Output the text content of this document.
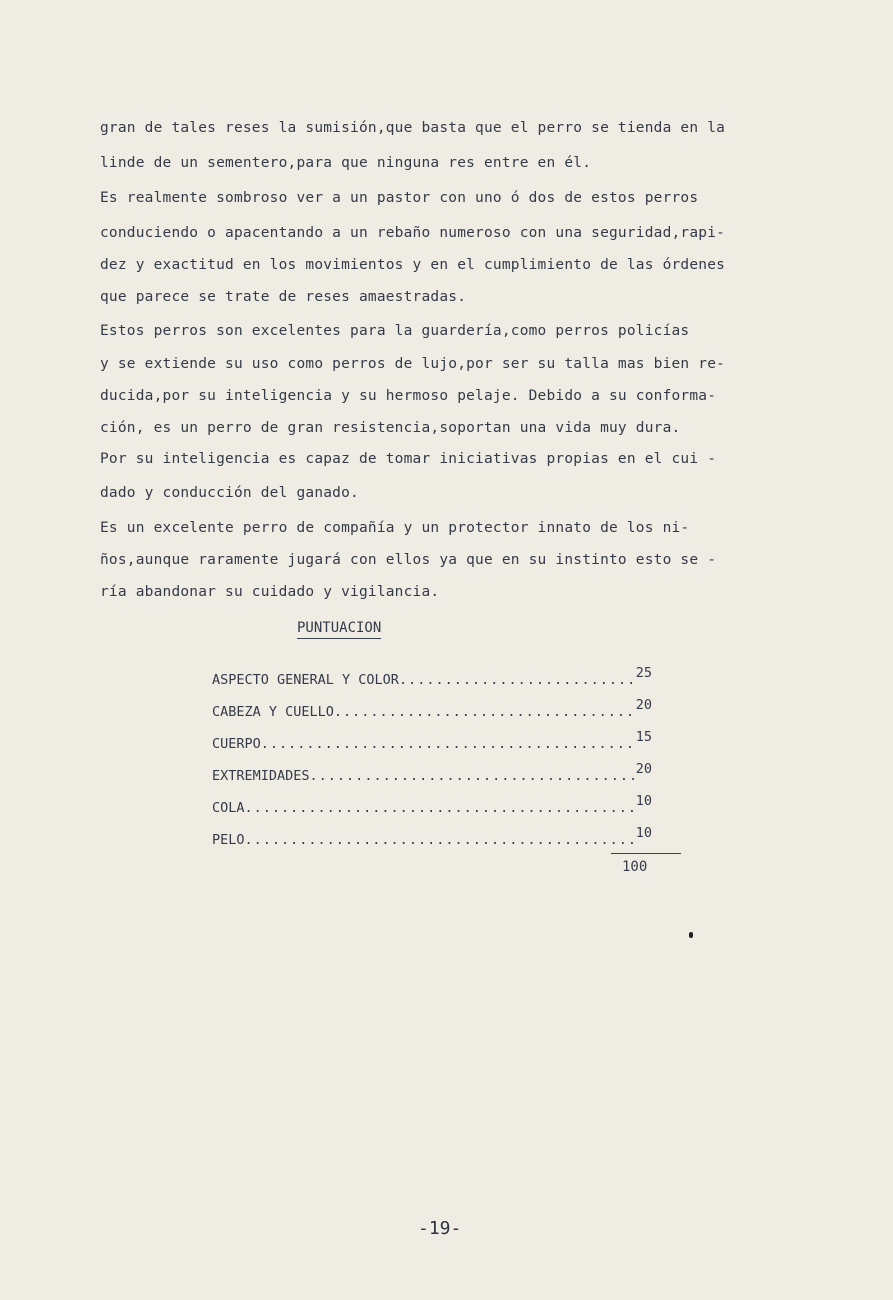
gran de tales reses la sumisión,que basta que el perro se tienda en la
linde de un sementero,para que ninguna res entre en él.
Es realmente sombroso ver a un pastor con uno ó dos de estos perros
conduciendo o apacentando a un rebaño numeroso con una seguridad,rapi-
dez y exactitud en los movimientos y en el cumplimiento de las órdenes
que parece se trate de reses amaestradas.
Estos perros son excelentes para la guardería,como perros policías
y se extiende su uso como perros de lujo,por ser su talla mas bien re-
ducida,por su inteligencia y su hermoso pelaje. Debido a su conforma-
ción, es un perro de gran resistencia,soportan una vida muy dura.
Por su inteligencia es capaz de tomar iniciativas propias en el cui -
dado y conducción del ganado.
Es un excelente perro de compañía y un protector innato de los ni-
ños,aunque raramente jugará con ellos ya que en su instinto esto se -
ría abandonar su cuidado y vigilancia.
PUNTUACION
ASPECTO GENERAL Y COLOR .....	25
CABEZA Y CUELLO .....	20
CUERPO .....	15
EXTREMIDADES .....	20
COLA .....	10
PELO .....	10
100
-19-
